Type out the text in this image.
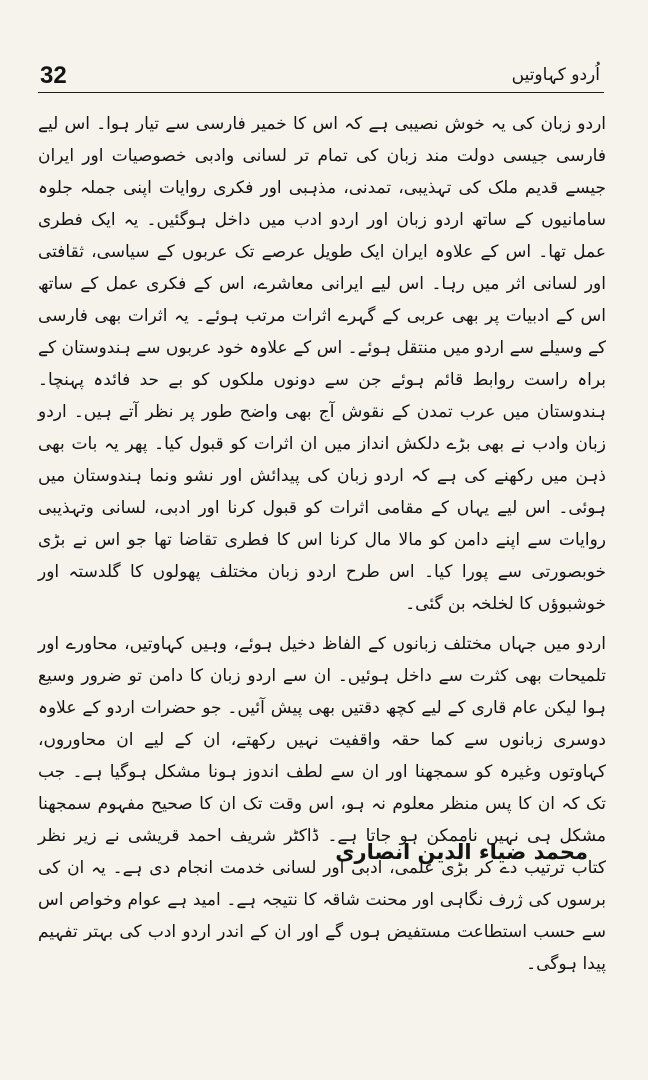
32	اُردو کہاوتیں

اردو زبان کی یہ خوش نصیبی ہے کہ اس کا خمیر فارسی سے تیار ہوا۔ اس لیے فارسی جیسی دولت مند زبان کی تمام تر لسانی وادبی خصوصیات اور ایران جیسے قدیم ملک کی تہذیبی، تمدنی، مذہبی اور فکری روایات اپنی جملہ جلوہ سامانیوں کے ساتھ اردو زبان اور اردو ادب میں داخل ہوگئیں۔ یہ ایک فطری عمل تھا۔ اس کے علاوہ ایران ایک طویل عرصے تک عربوں کے سیاسی، ثقافتی اور لسانی اثر میں رہا۔ اس لیے ایرانی معاشرے، اس کے فکری عمل کے ساتھ اس کے ادبیات پر بھی عربی کے گہرے اثرات مرتب ہوئے۔ یہ اثرات بھی فارسی کے وسیلے سے اردو میں منتقل ہوئے۔ اس کے علاوہ خود عربوں سے ہندوستان کے براہ راست روابط قائم ہوئے جن سے دونوں ملکوں کو بے حد فائدہ پہنچا۔ ہندوستان میں عرب تمدن کے نقوش آج بھی واضح طور پر نظر آتے ہیں۔ اردو زبان وادب نے بھی بڑے دلکش انداز میں ان اثرات کو قبول کیا۔ پھر یہ بات بھی ذہن میں رکھنے کی ہے کہ اردو زبان کی پیدائش اور نشو ونما ہندوستان میں ہوئی۔ اس لیے یہاں کے مقامی اثرات کو قبول کرنا اور ادبی، لسانی وتہذیبی روایات سے اپنے دامن کو مالا مال کرنا اس کا فطری تقاضا تھا جو اس نے بڑی خوبصورتی سے پورا کیا۔ اس طرح اردو زبان مختلف پھولوں کا گلدستہ اور خوشبوؤں کا لخلخہ بن گئی۔

اردو میں جہاں مختلف زبانوں کے الفاظ دخیل ہوئے، وہیں کہاوتیں، محاورے اور تلمیحات بھی کثرت سے داخل ہوئیں۔ ان سے اردو زبان کا دامن تو ضرور وسیع ہوا لیکن عام قاری کے لیے کچھ دقتیں بھی پیش آئیں۔ جو حضرات اردو کے علاوہ دوسری زبانوں سے کما حقہ واقفیت نہیں رکھتے، ان کے لیے ان محاوروں، کہاوتوں وغیرہ کو سمجھنا اور ان سے لطف اندوز ہونا مشکل ہوگیا ہے۔ جب تک کہ ان کا پس منظر معلوم نہ ہو، اس وقت تک ان کا صحیح مفہوم سمجھنا مشکل ہی نہیں ناممکن ہو جاتا ہے۔ ڈاکٹر شریف احمد قریشی نے زیر نظر کتاب ترتیب دے کر بڑی علمی، ادبی اور لسانی خدمت انجام دی ہے۔ یہ ان کی برسوں کی ژرف نگاہی اور محنت شاقہ کا نتیجہ ہے۔ امید ہے عوام وخواص اس سے حسب استطاعت مستفیض ہوں گے اور ان کے اندر اردو ادب کی بہتر تفہیم پیدا ہوگی۔

محمد ضیاء الدین انصاری
